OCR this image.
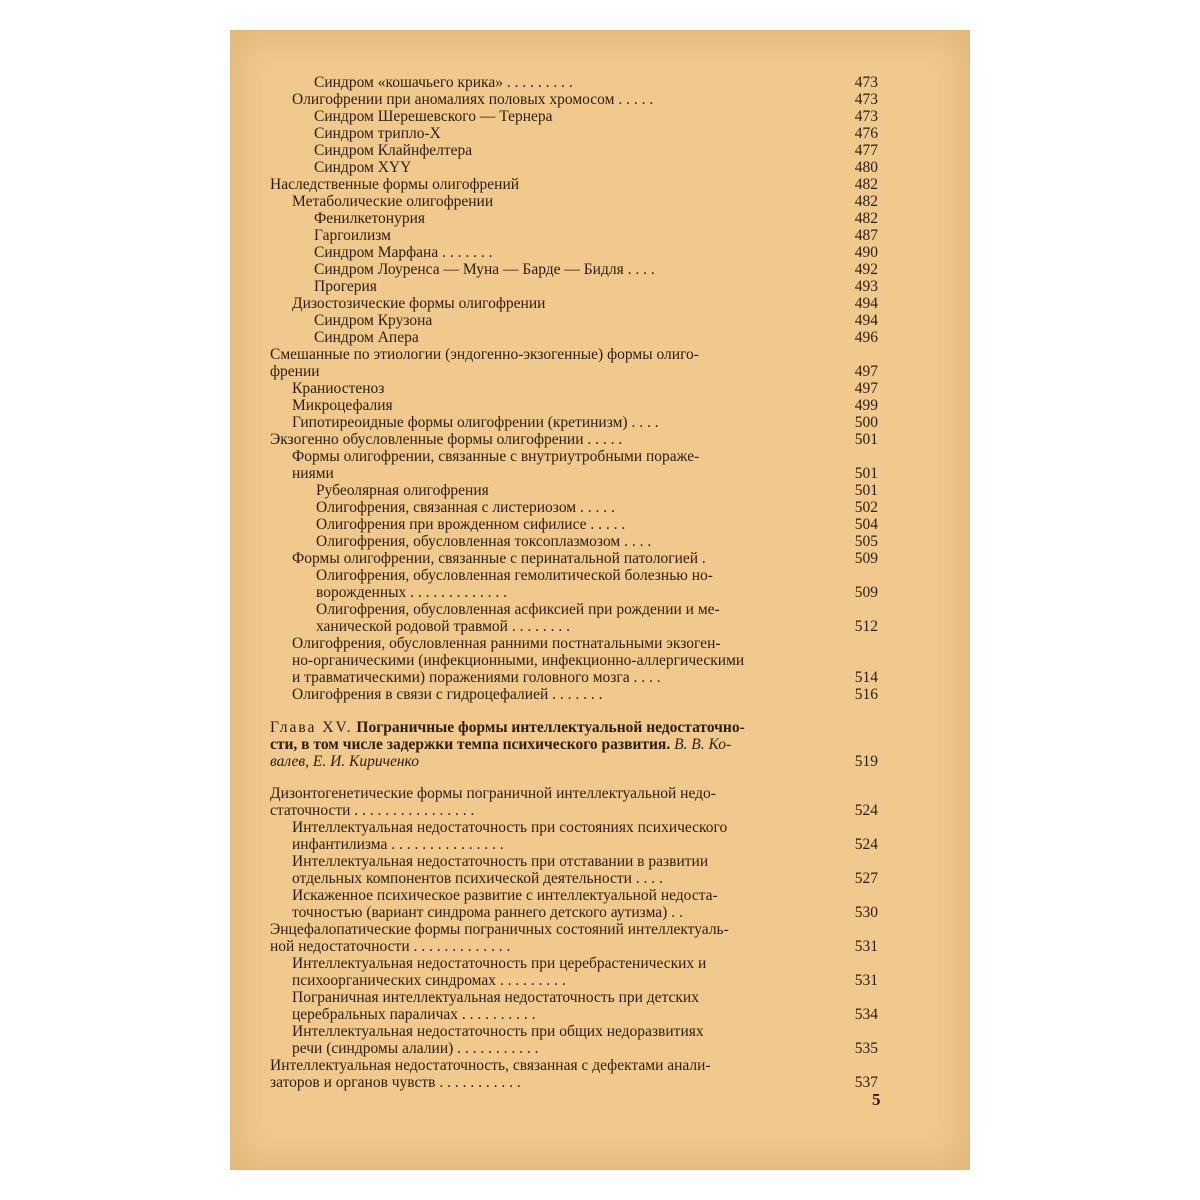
Синдром «кошачьего крика» . . . . . . . . .	473
Олигофрении при аномалиях половых хромосом . . . . .	473
Синдром Шерешевского — Тернера	473
Синдром трипло-Х	476
Синдром Клайнфелтера	477
Синдром XYY	480
Наследственные формы олигофрений	482
Метаболические олигофрении	482
Фенилкетонурия	482
Гаргоилизм	487
Синдром Марфана . . . . . . .	490
Синдром Лоуренса — Муна — Барде — Бидля . . . .	492
Прогерия	493
Дизостозические формы олигофрении	494
Синдром Крузона	494
Синдром Апера	496
Смешанные по этиологии (эндогенно-экзогенные) формы олиго-
френии	497
Краниостеноз	497
Микроцефалия	499
Гипотиреоидные формы олигофрении (кретинизм) . . . .	500
Экзогенно обусловленные формы олигофрении . . . . .	501
Формы олигофрении, связанные с внутриутробными пораже-
ниями	501
Рубеолярная олигофрения	501
Олигофрения, связанная с листериозом . . . . .	502
Олигофрения при врожденном сифилисе . . . . .	504
Олигофрения, обусловленная токсоплазмозом . . . .	505
Формы олигофрении, связанные с перинатальной патологией .	509
Олигофрения, обусловленная гемолитической болезнью но-
ворожденных . . . . . . . . . . . . .	509
Олигофрения, обусловленная асфиксией при рождении и ме-
ханической родовой травмой . . . . . . . .	512
Олигофрения, обусловленная ранними постнатальными экзоген-
но-органическими (инфекционными, инфекционно-аллергическими
и травматическими) поражениями головного мозга . . . .	514
Олигофрения в связи с гидроцефалией . . . . . . .	516
Глава XV. Пограничные формы интеллектуальной недостаточно-
сти, в том числе задержки темпа психического развития. В. В. Ко-
валев, Е. И. Кириченко	519
Дизонтогенетические формы пограничной интеллектуальной недо-
статочности . . . . . . . . . . . . . . . .	524
Интеллектуальная недостаточность при состояниях психического
инфантилизма . . . . . . . . . . . . . . .	524
Интеллектуальная недостаточность при отставании в развитии
отдельных компонентов психической деятельности . . . .	527
Искаженное психическое развитие с интеллектуальной недоста-
точностью (вариант синдрома раннего детского аутизма) . .	530
Энцефалопатические формы пограничных состояний интеллектуаль-
ной недостаточности . . . . . . . . . . . . .	531
Интеллектуальная недостаточность при церебрастенических и
психоорганических синдромах . . . . . . . . .	531
Пограничная интеллектуальная недостаточность при детских
церебральных параличах . . . . . . . . . .	534
Интеллектуальная недостаточность при общих недоразвитиях
речи (синдромы алалии) . . . . . . . . . . .	535
Интеллектуальная недостаточность, связанная с дефектами анали-
заторов и органов чувств . . . . . . . . . . .	537
5
